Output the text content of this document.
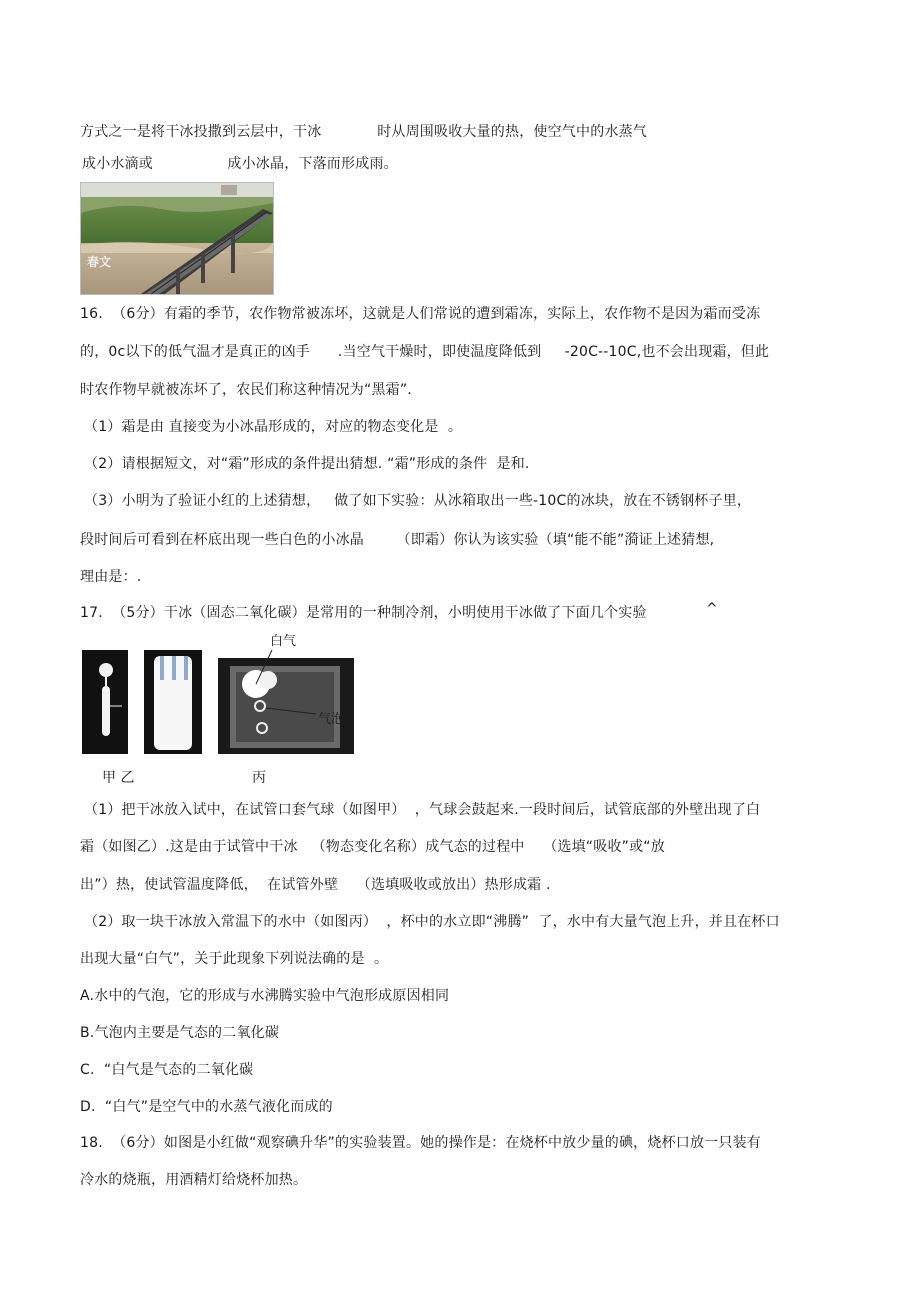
方式之一是将干冰投撒到云层中，干冰            时从周围吸收大量的热，使空气中的水蒸气
成小水滴或                成小冰晶，下落而形成雨。
春文
16.  （6分）有霜的季节，农作物常被冻坏，这就是人们常说的遭到霜冻，实际上，农作物不是因为霜而受冻
的，0c以下的低气温才是真正的凶手      .当空气干燥时，即使温度降低到     -20C--10C,也不会出现霜，但此
时农作物早就被冻坏了，农民们称这种情况为“黑霜”.
（1）霜是由 直接变为小冰晶形成的，对应的物态变化是  。
（2）请根据短文，对“霜”形成的条件提出猜想. “霜”形成的条件  是和.
（3）小明为了验证小红的上述猜想，   做了如下实验：从冰箱取出一些-10C的冰块，放在不锈钢杯子里，
段时间后可看到在杯底出现一些白色的小冰晶       （即霜）你认为该实验（填“能不能”漪证上述猜想,
理由是：.
17.  （5分）干冰（固态二氧化碳）是常用的一种制冷剂，小明使用干冰做了下面几个实验	^
白气
气泡
甲 乙	丙
（1）把干冰放入试中，在试管口套气球（如图甲）  ，气球会鼓起来.一段时间后，试管底部的外壁出现了白
霜（如图乙）.这是由于试管中干冰   （物态变化名称）成气态的过程中    （选填“吸收”或“放
出”）热，使试管温度降低，  在试管外壁    （选填吸收或放出）热形成霜 .
（2）取一块干冰放入常温下的水中（如图丙）  ，杯中的水立即“沸腾”  了，水中有大量气泡上升，并且在杯口
出现大量“白气”，关于此现象下列说法确的是  。
A.水中的气泡，它的形成与水沸腾实验中气泡形成原因相同
B.气泡内主要是气态的二氧化碳
C.  “白气是气态的二氧化碳
D.  “白气”是空气中的水蒸气液化而成的
18.  （6分）如图是小红做“观察碘升华”的实验装置。她的操作是：在烧杯中放少量的碘，烧杯口放一只装有
冷水的烧瓶，用酒精灯给烧杯加热。
